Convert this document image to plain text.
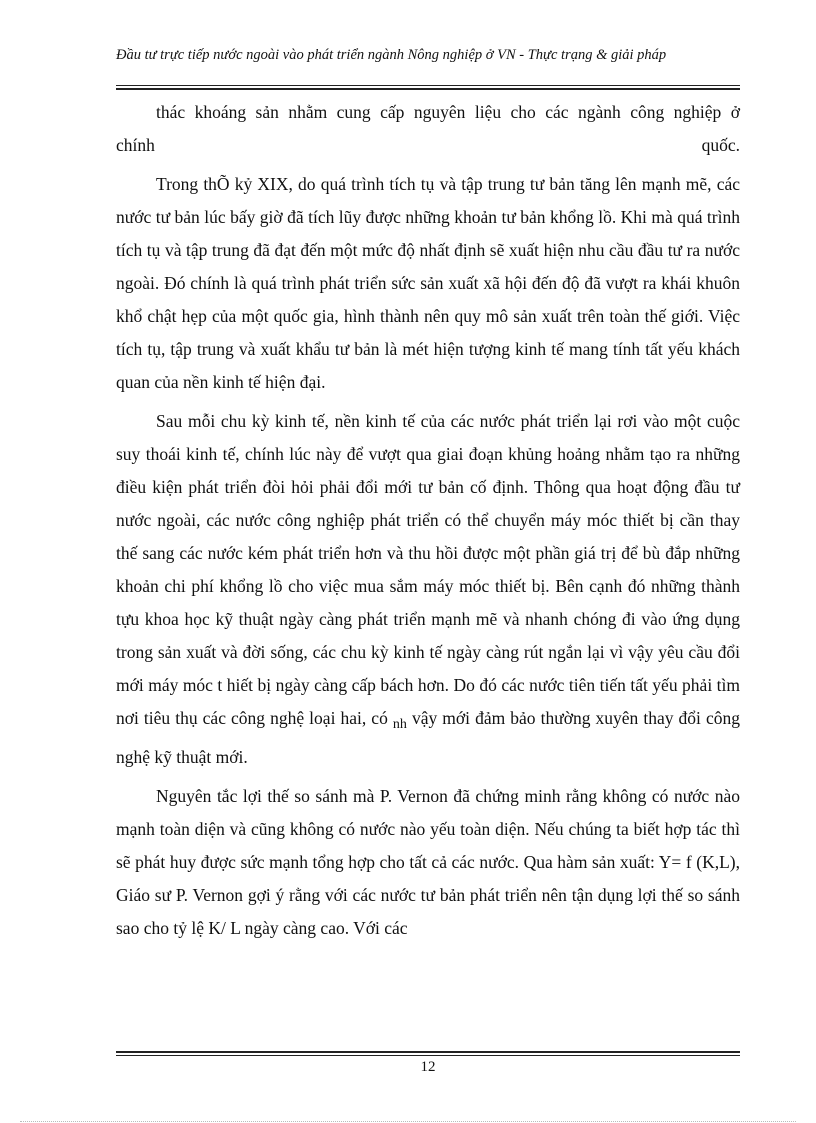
Đầu tư trực tiếp nước ngoài vào phát triển ngành Nông nghiệp ở VN - Thực trạng & giải pháp

thác khoáng sản nhằm cung cấp nguyên liệu cho các ngành công nghiệp ở

chính quốc.

Trong thÕ kỷ XIX, do quá trình tích tụ và tập trung tư bản tăng lên mạnh mẽ, các nước tư bản lúc bấy giờ đã tích lũy được những khoản tư bản khổng lồ. Khi mà quá trình tích tụ và tập trung đã đạt đến một mức độ nhất định sẽ xuất hiện nhu cầu đầu tư ra nước ngoài. Đó chính là quá trình phát triển sức sản xuất xã hội đến độ đã vượt ra khái khuôn khổ chật hẹp của một quốc gia, hình thành nên quy mô sản xuất trên toàn thế giới. Việc tích tụ, tập trung và xuất khẩu tư bản là mét hiện tượng kinh tế mang tính tất yếu khách quan của nền kinh tế hiện đại.

Sau mỗi chu kỳ kinh tế, nền kinh tế của các nước phát triển lại rơi vào một cuộc suy thoái kinh tế, chính lúc này để vượt qua giai đoạn khủng hoảng nhằm tạo ra những điều kiện phát triển đòi hỏi phải đổi mới tư bản cố định. Thông qua hoạt động đầu tư nước ngoài, các nước công nghiệp phát triển có thể chuyển máy móc thiết bị cần thay thế sang các nước kém phát triển hơn và thu hồi được một phần giá trị để bù đắp những khoản chi phí khổng lồ cho việc mua sắm máy móc thiết bị. Bên cạnh đó những thành tựu khoa học kỹ thuật ngày càng phát triển mạnh mẽ và nhanh chóng đi vào ứng dụng trong sản xuất và đời sống, các chu kỳ kinh tế ngày càng rút ngắn lại vì vậy yêu cầu đổi mới máy móc t hiết bị ngày càng cấp bách hơn. Do đó các nước tiên tiến tất yếu phải tìm nơi tiêu thụ các công nghệ loại hai, có $_{nh}$ vậy mới đảm bảo thường xuyên thay đổi công nghệ kỹ thuật mới.

Nguyên tắc lợi thế so sánh mà P. Vernon đã chứng minh rằng không có nước nào mạnh toàn diện và cũng không có nước nào yếu toàn diện. Nếu chúng ta biết hợp tác thì sẽ phát huy được sức mạnh tổng hợp cho tất cả các nước. Qua hàm sản xuất: Y= f (K,L), Giáo sư P. Vernon gợi ý rằng với các nước tư bản phát triển nên tận dụng lợi thế so sánh sao cho tỷ lệ K/ L ngày càng cao. Với các

12
